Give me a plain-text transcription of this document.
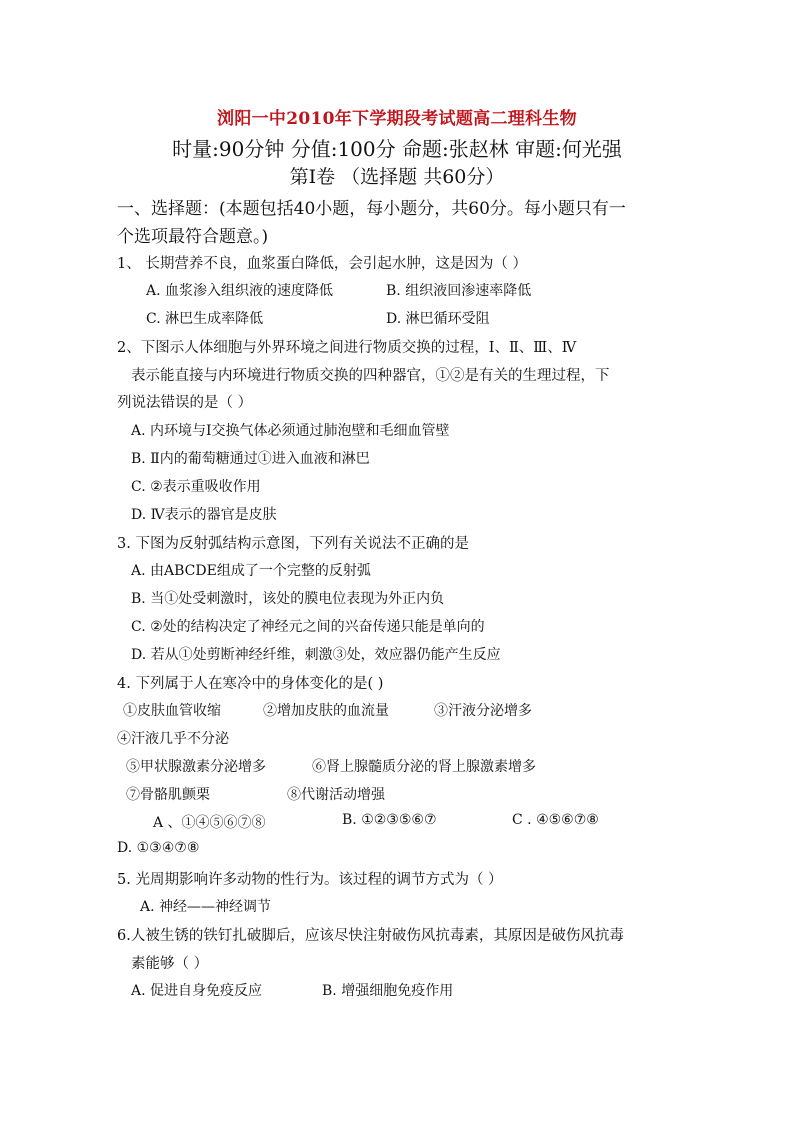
浏阳一中2010年下学期段考试题高二理科生物
时量:90分钟 分值:100分 命题:张赵林 审题:何光强
第Ⅰ卷 （选择题 共60分）
一、选择题：(本题包括40小题，每小题分，共60分。每小题只有一
个选项最符合题意。)
1、 长期营养不良，血浆蛋白降低，会引起水肿，这是因为（ ）
A. 血浆渗入组织液的速度降低	B. 组织液回渗速率降低
C. 淋巴生成率降低	D. 淋巴循环受阻
2、下图示人体细胞与外界环境之间进行物质交换的过程，Ⅰ、Ⅱ、Ⅲ、Ⅳ
表示能直接与内环境进行物质交换的四种器官，①②是有关的生理过程，下
列说法错误的是（ ）
A. 内环境与Ⅰ交换气体必须通过肺泡壁和毛细血管壁
B. Ⅱ内的葡萄糖通过①进入血液和淋巴
C. ②表示重吸收作用
D. Ⅳ表示的器官是皮肤
3. 下图为反射弧结构示意图，下列有关说法不正确的是
A. 由ABCDE组成了一个完整的反射弧
B. 当①处受刺激时，该处的膜电位表现为外正内负
C. ②处的结构决定了神经元之间的兴奋传递只能是单向的
D. 若从①处剪断神经纤维，刺激③处，效应器仍能产生反应
4. 下列属于人在寒冷中的身体变化的是( )
①皮肤血管收缩	②增加皮肤的血流量	③汗液分泌增多
④汗液几乎不分泌
⑤甲状腺激素分泌增多	⑥肾上腺髓质分泌的肾上腺激素增多
⑦骨骼肌颤栗	⑧代谢活动增强
A 、①④⑤⑥⑦⑧	B. ①②③⑤⑥⑦	C . ④⑤⑥⑦⑧
D. ①③④⑦⑧
5. 光周期影响许多动物的性行为。该过程的调节方式为（ ）
A. 神经——神经调节
6.人被生锈的铁钉扎破脚后，应该尽快注射破伤风抗毒素，其原因是破伤风抗毒
素能够（ ）
A. 促进自身免疫反应	B. 增强细胞免疫作用
